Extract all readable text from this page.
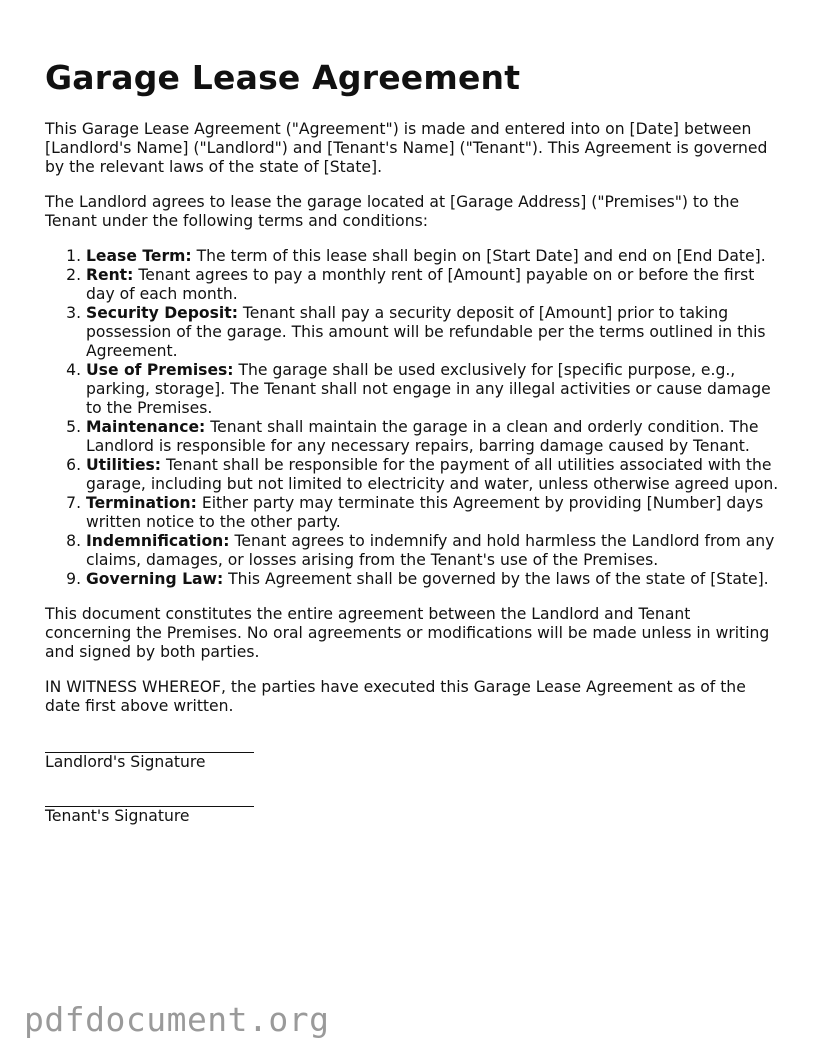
Garage Lease Agreement

This Garage Lease Agreement ("Agreement") is made and entered into on [Date] between [Landlord's Name] ("Landlord") and [Tenant's Name] ("Tenant"). This Agreement is governed by the relevant laws of the state of [State].

The Landlord agrees to lease the garage located at [Garage Address] ("Premises") to the Tenant under the following terms and conditions:

1. Lease Term: The term of this lease shall begin on [Start Date] and end on [End Date].
2. Rent: Tenant agrees to pay a monthly rent of [Amount] payable on or before the first day of each month.
3. Security Deposit: Tenant shall pay a security deposit of [Amount] prior to taking possession of the garage. This amount will be refundable per the terms outlined in this Agreement.
4. Use of Premises: The garage shall be used exclusively for [specific purpose, e.g., parking, storage]. The Tenant shall not engage in any illegal activities or cause damage to the Premises.
5. Maintenance: Tenant shall maintain the garage in a clean and orderly condition. The Landlord is responsible for any necessary repairs, barring damage caused by Tenant.
6. Utilities: Tenant shall be responsible for the payment of all utilities associated with the garage, including but not limited to electricity and water, unless otherwise agreed upon.
7. Termination: Either party may terminate this Agreement by providing [Number] days written notice to the other party.
8. Indemnification: Tenant agrees to indemnify and hold harmless the Landlord from any claims, damages, or losses arising from the Tenant's use of the Premises.
9. Governing Law: This Agreement shall be governed by the laws of the state of [State].

This document constitutes the entire agreement between the Landlord and Tenant concerning the Premises. No oral agreements or modifications will be made unless in writing and signed by both parties.

IN WITNESS WHEREOF, the parties have executed this Garage Lease Agreement as of the date first above written.

Landlord's Signature
Tenant's Signature
pdfdocument.org
